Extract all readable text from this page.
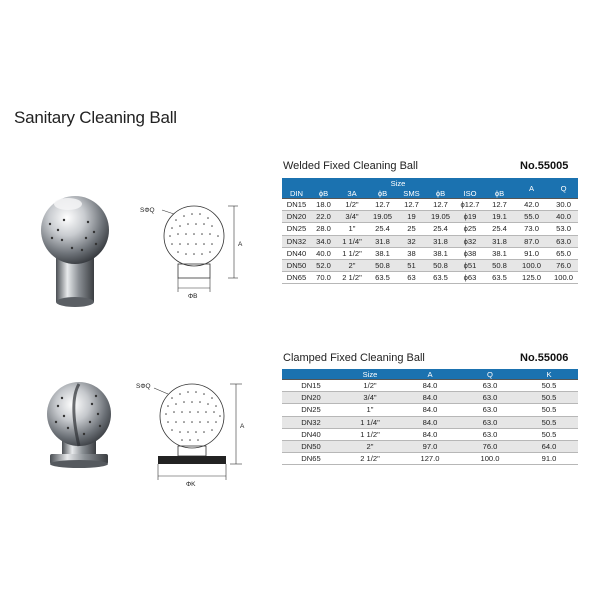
Sanitary Cleaning Ball
Welded Fixed Cleaning Ball	No.55005
SΦQ
A
ΦB
Size								A	Q
DIN	ϕB	3A	ϕB	SMS	ϕB	ISO	ϕB		
DN15	18.0	1/2"	12.7	12.7	12.7	ϕ12.7	12.7	42.0	30.0
DN20	22.0	3/4"	19.05	19	19.05	ϕ19	19.1	55.0	40.0
DN25	28.0	1"	25.4	25	25.4	ϕ25	25.4	73.0	53.0
DN32	34.0	1 1/4"	31.8	32	31.8	ϕ32	31.8	87.0	63.0
DN40	40.0	1 1/2"	38.1	38	38.1	ϕ38	38.1	91.0	65.0
DN50	52.0	2"	50.8	51	50.8	ϕ51	50.8	100.0	76.0
DN65	70.0	2 1/2"	63.5	63	63.5	ϕ63	63.5	125.0	100.0
Clamped Fixed Cleaning Ball	No.55006
SΦQ
A
ΦK
	Size	A	Q	K
DN15	1/2"	84.0	63.0	50.5
DN20	3/4"	84.0	63.0	50.5
DN25	1"	84.0	63.0	50.5
DN32	1 1/4"	84.0	63.0	50.5
DN40	1 1/2"	84.0	63.0	50.5
DN50	2"	97.0	76.0	64.0
DN65	2 1/2"	127.0	100.0	91.0
